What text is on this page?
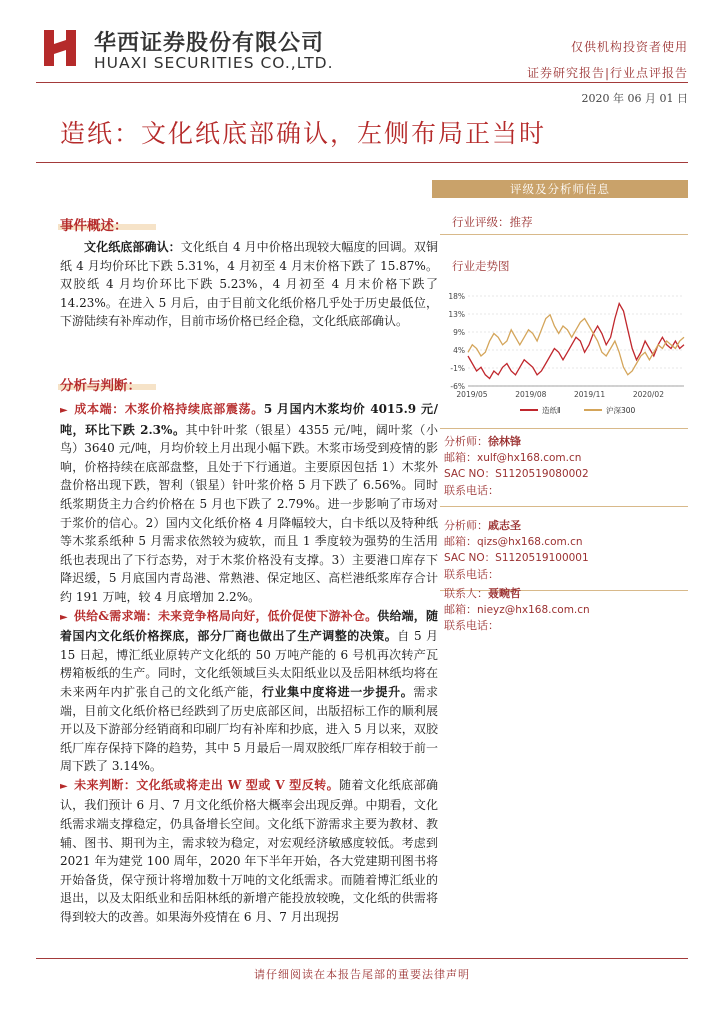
华西证券股份有限公司
HUAXI SECURITIES CO.,LTD.
仅供机构投资者使用
证券研究报告|行业点评报告
2020 年 06 月 01 日
造纸：文化纸底部确认，左侧布局正当时
事件概述：

文化纸底部确认：文化纸自 4 月中价格出现较大幅度的回调。双铜纸 4 月均价环比下跌 5.31%，4 月初至 4 月末价格下跌了 15.87%。双胶纸 4 月均价环比下跌 5.23%，4 月初至 4 月末价格下跌了 14.23%。在进入 5 月后，由于目前文化纸价格几乎处于历史最低位，下游陆续有补库动作，目前市场价格已经企稳，文化纸底部确认。

分析与判断：

► 成本端：木浆价格持续底部震荡。5 月国内木浆均价 4015.9 元/吨，环比下跌 2.3%。其中针叶浆（银星）4355 元/吨，阔叶浆（小鸟）3640 元/吨，月均价较上月出现小幅下跌。木浆市场受到疫情的影响，价格持续在底部盘整，且处于下行通道。主要原因包括 1）木浆外盘价格出现下跌，智利（银星）针叶浆价格 5 月下跌了 6.56%。同时纸浆期货主力合约价格在 5 月也下跌了 2.79%。进一步影响了市场对于浆价的信心。2）国内文化纸价格 4 月降幅较大，白卡纸以及特种纸等木浆系纸种 5 月需求依然较为疲软，而且 1 季度较为强势的生活用纸也表现出了下行态势，对于木浆价格没有支撑。3）主要港口库存下降迟缓，5 月底国内青岛港、常熟港、保定地区、高栏港纸浆库存合计约 191 万吨，较 4 月底增加 2.2%。

► 供给&需求端：未来竞争格局向好，低价促使下游补仓。供给端，随着国内文化纸价格探底，部分厂商也做出了生产调整的决策。自 5 月 15 日起，博汇纸业原转产文化纸的 50 万吨产能的 6 号机再次转产瓦楞箱板纸的生产。同时，文化纸领域巨头太阳纸业以及岳阳林纸均将在未来两年内扩张自己的文化纸产能，行业集中度将进一步提升。需求端，目前文化纸价格已经跌到了历史底部区间，出版招标工作的顺利展开以及下游部分经销商和印刷厂均有补库和抄底，进入 5 月以来，双胶纸厂库存保持下降的趋势，其中 5 月最后一周双胶纸厂库存相较于前一周下跌了 3.14%。

► 未来判断：文化纸或将走出 W 型或 V 型反转。随着文化纸底部确认，我们预计 6 月、7 月文化纸价格大概率会出现反弹。中期看，文化纸需求端支撑稳定，仍具备增长空间。文化纸下游需求主要为教材、教辅、图书、期刊为主，需求较为稳定，对宏观经济敏感度较低。考虑到 2021 年为建党 100 周年，2020 年下半年开始，各大党建期刊图书将开始备货，保守预计将增加数十万吨的文化纸需求。而随着博汇纸业的退出，以及太阳纸业和岳阳林纸的新增产能投放较晚，文化纸的供需将得到较大的改善。如果海外疫情在 6 月、7 月出现拐

评级及分析师信息
行业评级：推荐
行业走势图
18%
13%
9%
4%
-1%
-6%
2019/05	2019/08	2019/11	2020/02
造纸Ⅱ	沪深300
分析师：徐林锋
邮箱：xulf@hx168.com.cn
SAC NO：S1120519080002
联系电话：
分析师：戚志圣
邮箱：qizs@hx168.com.cn
SAC NO：S1120519100001
联系电话：
联系人：聂畹哲
邮箱：nieyz@hx168.com.cn
联系电话：
请仔细阅读在本报告尾部的重要法律声明
